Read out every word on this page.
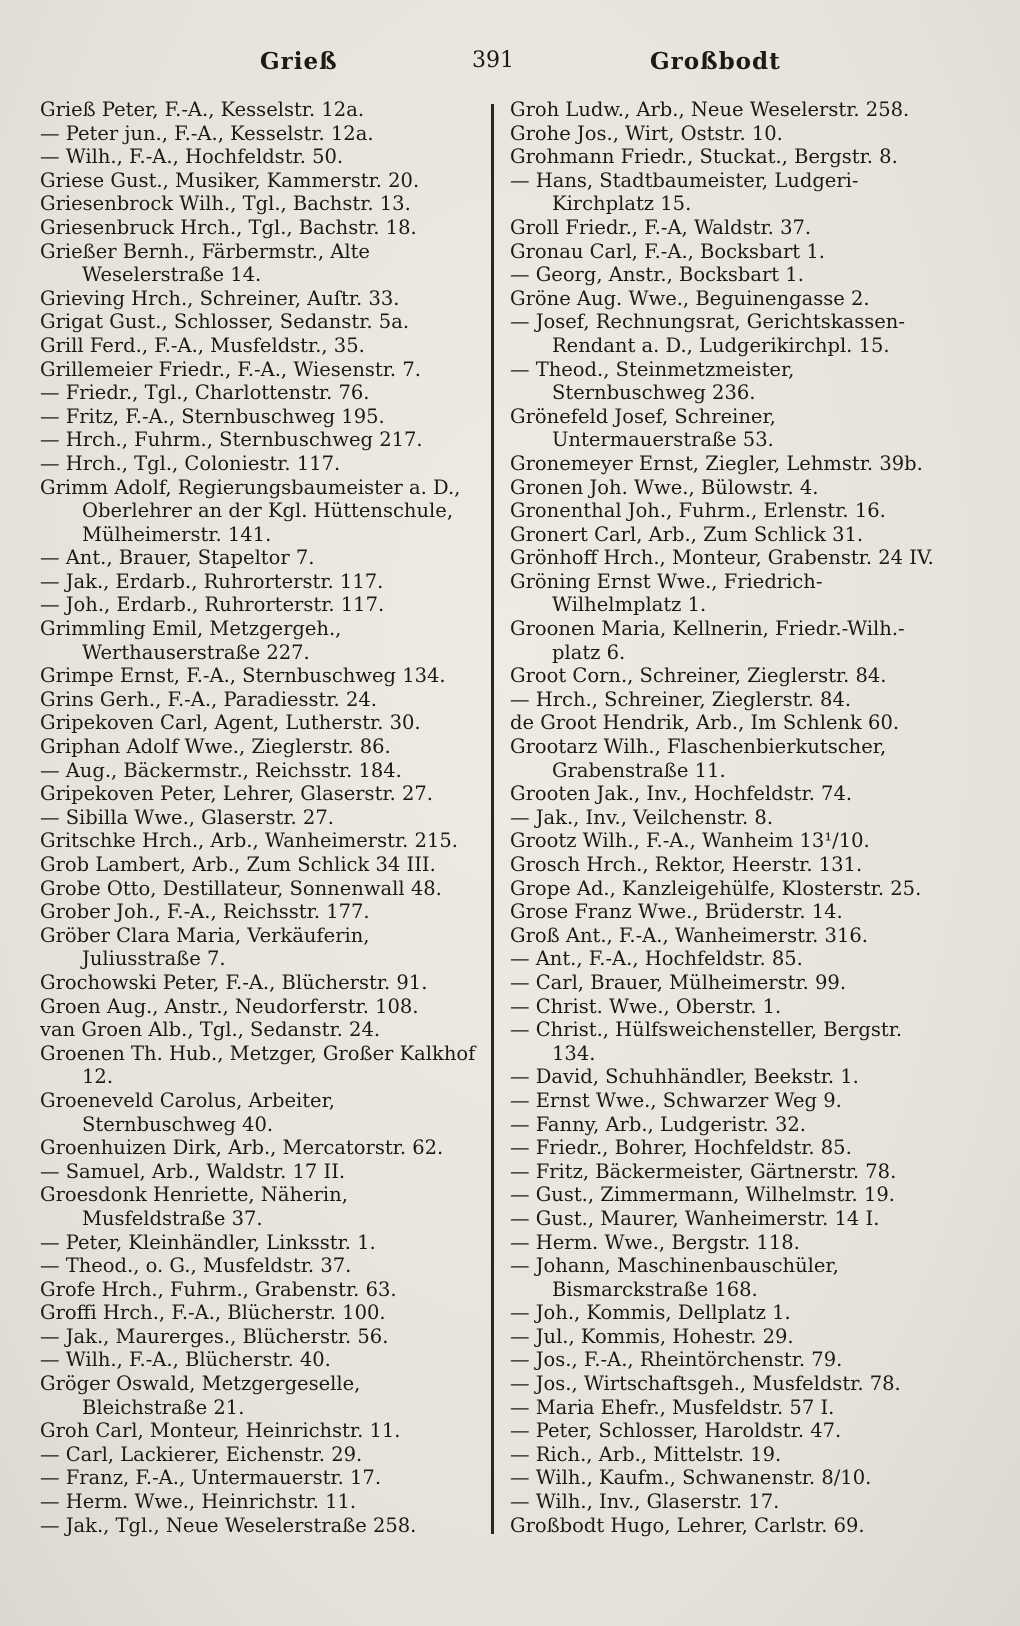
Grieß	391	Großbodt

Grieß Peter, F.-A., Kesselstr. 12a.

— Peter jun., F.-A., Kesselstr. 12a.

— Wilh., F.-A., Hochfeldstr. 50.

Griese Gust., Musiker, Kammerstr. 20.

Griesenbrock Wilh., Tgl., Bachstr. 13.

Griesenbruck Hrch., Tgl., Bachstr. 18.

Grießer Bernh., Färbermstr., Alte Weselerstraße 14.

Grieving Hrch., Schreiner, Auſtr. 33.

Grigat Gust., Schlosser, Sedanstr. 5a.

Grill Ferd., F.-A., Musfeldstr., 35.

Grillemeier Friedr., F.-A., Wiesenstr. 7.

— Friedr., Tgl., Charlottenstr. 76.

— Fritz, F.-A., Sternbuschweg 195.

— Hrch., Fuhrm., Sternbuschweg 217.

— Hrch., Tgl., Coloniestr. 117.

Grimm Adolf, Regierungsbaumeister a. D., Oberlehrer an der Kgl. Hüttenschule, Mülheimerstr. 141.

— Ant., Brauer, Stapeltor 7.

— Jak., Erdarb., Ruhrorterstr. 117.

— Joh., Erdarb., Ruhrorterstr. 117.

Grimmling Emil, Metzgergeh., Werthauserstraße 227.

Grimpe Ernst, F.-A., Sternbuschweg 134.

Grins Gerh., F.-A., Paradiesstr. 24.

Gripekoven Carl, Agent, Lutherstr. 30.

Griphan Adolf Wwe., Zieglerstr. 86.

— Aug., Bäckermstr., Reichsstr. 184.

Gripekoven Peter, Lehrer, Glaserstr. 27.

— Sibilla Wwe., Glaserstr. 27.

Gritschke Hrch., Arb., Wanheimerstr. 215.

Grob Lambert, Arb., Zum Schlick 34 III.

Grobe Otto, Destillateur, Sonnenwall 48.

Grober Joh., F.-A., Reichsstr. 177.

Gröber Clara Maria, Verkäuferin, Juliusstraße 7.

Grochowski Peter, F.-A., Blücherstr. 91.

Groen Aug., Anstr., Neudorferstr. 108.

van Groen Alb., Tgl., Sedanstr. 24.

Groenen Th. Hub., Metzger, Großer Kalkhof 12.

Groeneveld Carolus, Arbeiter, Sternbuschweg 40.

Groenhuizen Dirk, Arb., Mercatorstr. 62.

— Samuel, Arb., Waldstr. 17 II.

Groesdonk Henriette, Näherin, Musfeldstraße 37.

— Peter, Kleinhändler, Linksstr. 1.

— Theod., o. G., Musfeldstr. 37.

Grofe Hrch., Fuhrm., Grabenstr. 63.

Groffi Hrch., F.-A., Blücherstr. 100.

— Jak., Maurerges., Blücherstr. 56.

— Wilh., F.-A., Blücherstr. 40.

Gröger Oswald, Metzgergeselle, Bleichstraße 21.

Groh Carl, Monteur, Heinrichstr. 11.

— Carl, Lackierer, Eichenstr. 29.

— Franz, F.-A., Untermauerstr. 17.

— Herm. Wwe., Heinrichstr. 11.

— Jak., Tgl., Neue Weselerstraße 258.

Groh Ludw., Arb., Neue Weselerstr. 258.

Grohe Jos., Wirt, Oststr. 10.

Grohmann Friedr., Stuckat., Bergstr. 8.

— Hans, Stadtbaumeister, Ludgeri-Kirchplatz 15.

Groll Friedr., F.-A, Waldstr. 37.

Gronau Carl, F.-A., Bocksbart 1.

— Georg, Anstr., Bocksbart 1.

Gröne Aug. Wwe., Beguinengasse 2.

— Josef, Rechnungsrat, Gerichtskassen-Rendant a. D., Ludgerikirchpl. 15.

— Theod., Steinmetzmeister, Sternbuschweg 236.

Grönefeld Josef, Schreiner, Untermauerstraße 53.

Gronemeyer Ernst, Ziegler, Lehmstr. 39b.

Gronen Joh. Wwe., Bülowstr. 4.

Gronenthal Joh., Fuhrm., Erlenstr. 16.

Gronert Carl, Arb., Zum Schlick 31.

Grönhoff Hrch., Monteur, Grabenstr. 24 IV.

Gröning Ernst Wwe., Friedrich-Wilhelmplatz 1.

Groonen Maria, Kellnerin, Friedr.-Wilh.-platz 6.

Groot Corn., Schreiner, Zieglerstr. 84.

— Hrch., Schreiner, Zieglerstr. 84.

de Groot Hendrik, Arb., Im Schlenk 60.

Grootarz Wilh., Flaschenbierkutscher, Grabenstraße 11.

Grooten Jak., Inv., Hochfeldstr. 74.

— Jak., Inv., Veilchenstr. 8.

Grootz Wilh., F.-A., Wanheim 13¹/10.

Grosch Hrch., Rektor, Heerstr. 131.

Grope Ad., Kanzleigehülfe, Klosterstr. 25.

Grose Franz Wwe., Brüderstr. 14.

Groß Ant., F.-A., Wanheimerstr. 316.

— Ant., F.-A., Hochfeldstr. 85.

— Carl, Brauer, Mülheimerstr. 99.

— Christ. Wwe., Oberstr. 1.

— Christ., Hülfsweichensteller, Bergstr. 134.

— David, Schuhhändler, Beekstr. 1.

— Ernst Wwe., Schwarzer Weg 9.

— Fanny, Arb., Ludgeristr. 32.

— Friedr., Bohrer, Hochfeldstr. 85.

— Fritz, Bäckermeister, Gärtnerstr. 78.

— Gust., Zimmermann, Wilhelmstr. 19.

— Gust., Maurer, Wanheimerstr. 14 I.

— Herm. Wwe., Bergstr. 118.

— Johann, Maschinenbauschüler, Bismarckstraße 168.

— Joh., Kommis, Dellplatz 1.

— Jul., Kommis, Hohestr. 29.

— Jos., F.-A., Rheintörchenstr. 79.

— Jos., Wirtschaftsgeh., Musfeldstr. 78.

— Maria Ehefr., Musfeldstr. 57 I.

— Peter, Schlosser, Haroldstr. 47.

— Rich., Arb., Mittelstr. 19.

— Wilh., Kaufm., Schwanenstr. 8/10.

— Wilh., Inv., Glaserstr. 17.

Großbodt Hugo, Lehrer, Carlstr. 69.
